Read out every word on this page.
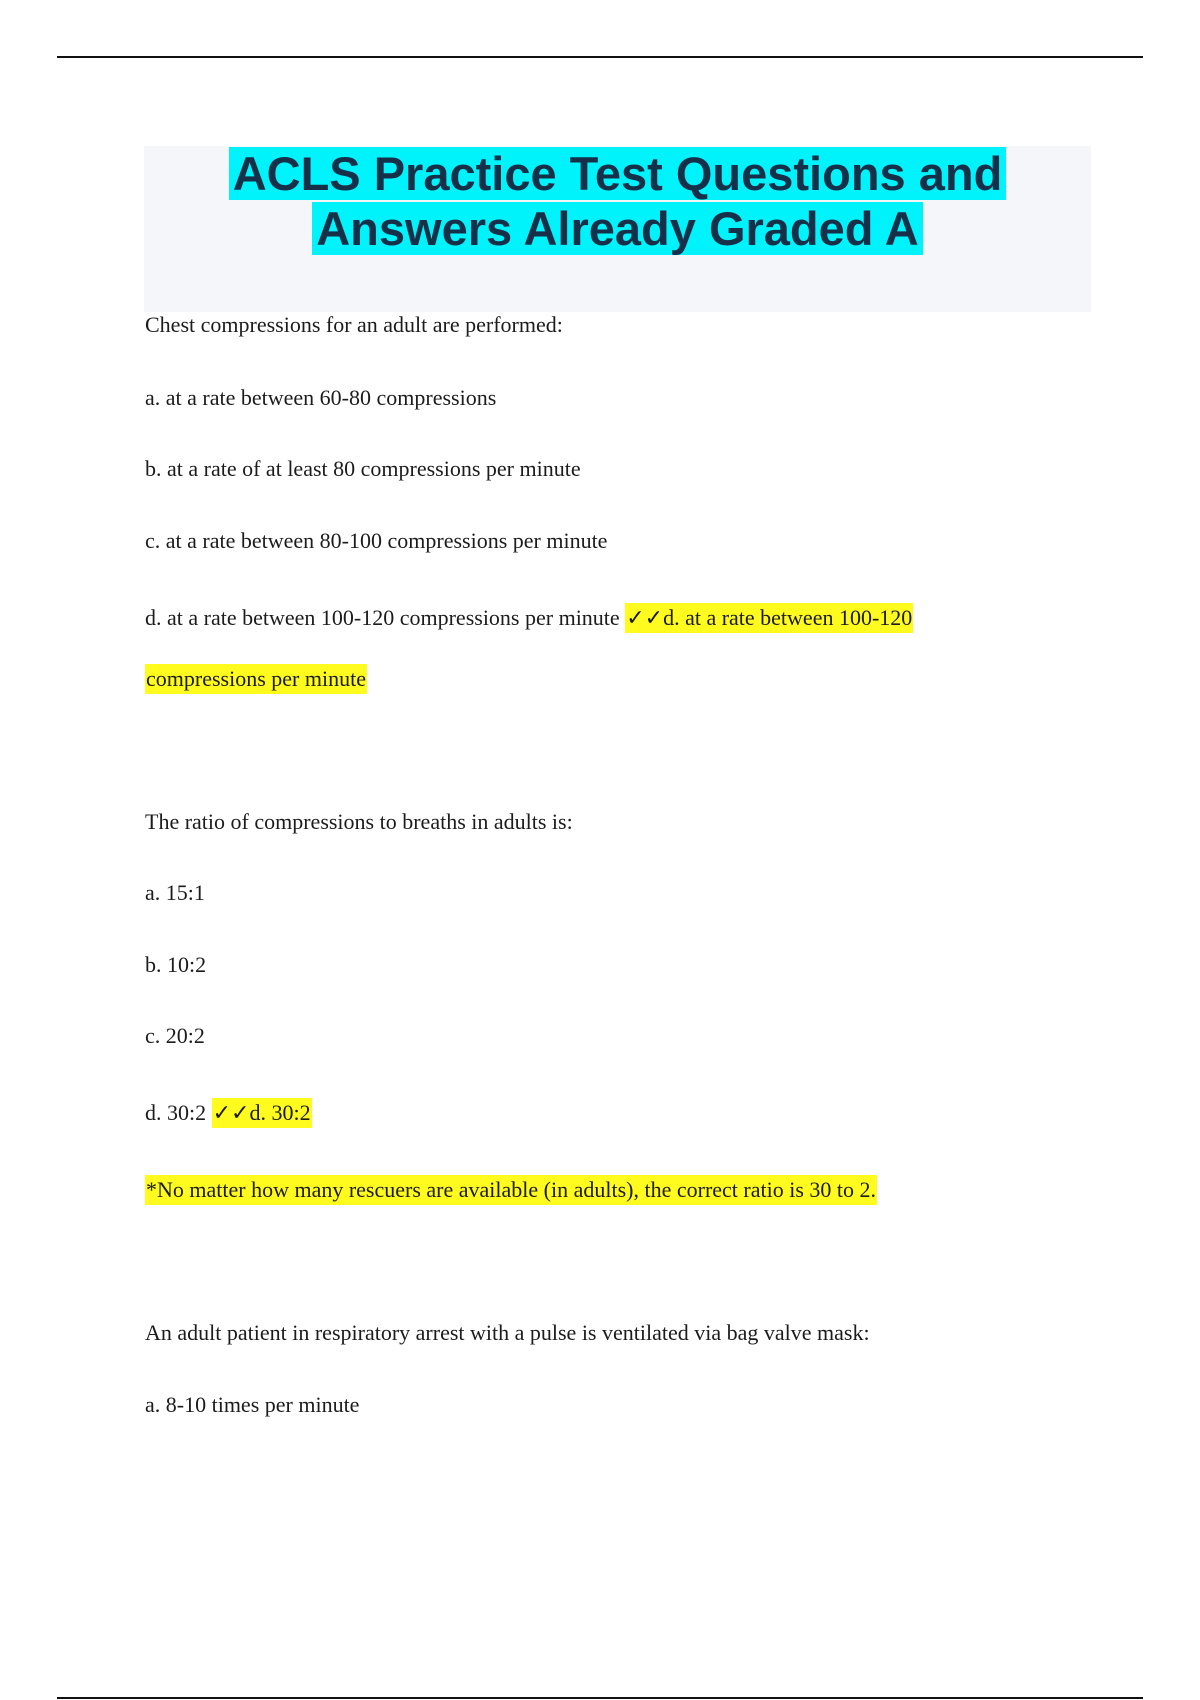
ACLS Practice Test Questions and
Answers Already Graded A
Chest compressions for an adult are performed:
a. at a rate between 60-80 compressions
b. at a rate of at least 80 compressions per minute
c. at a rate between 80-100 compressions per minute
d. at a rate between 100-120 compressions per minute ✓✓d. at a rate between 100-120
compressions per minute
The ratio of compressions to breaths in adults is:
a. 15:1
b. 10:2
c. 20:2
d. 30:2 ✓✓d. 30:2
*No matter how many rescuers are available (in adults), the correct ratio is 30 to 2.
An adult patient in respiratory arrest with a pulse is ventilated via bag valve mask:
a. 8-10 times per minute
